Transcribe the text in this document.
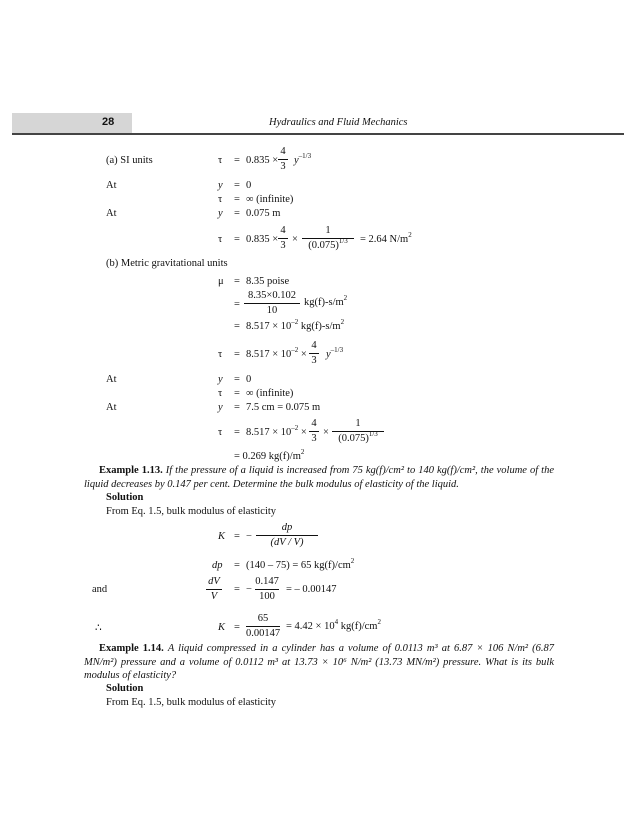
28	Hydraulics and Fluid Mechanics
(a) SI units	τ = 0.835 ×
4
3
$y^{-1/3}$
At	y = 0
τ = ∞ (infinite)
At	y = 0.075 m
τ = 0.835 ×
4
3
×
1
$(0.075)^{1/3}$	= 2.64 $N/m^2$
(b) Metric gravitational units
μ = 8.35 poise
=
8.35×0.102
10
$kg(f)-s/m^2$
= $8.517 \times 10^{-2}$ $kg(f)-s/m^2$
$\tau = 8.517 \times 10^{-2}$ ×
4
3
$y^{-1/3}$
At	y = 0
τ = ∞ (infinite)
At	y = 7.5 cm = 0.075 m
$\tau = 8.517 \times 10^{-2}$ ×
4
3
×
1
$(0.075)^{1/3}$
= 0.269 $kg(f)/m^2$
Example 1.13. If the pressure of a liquid is increased from 75 kg(f)/cm² to 140 kg(f)/cm², the volume of the liquid decreases by 0.147 per cent. Determine the bulk modulus of elasticity of the liquid.
Solution
From Eq. 1.5, bulk modulus of elasticity
K = −
dp
(dV / V)
dp = (140 – 75) = 65 $kg(f)/cm^2$
and
dV
V
= −
0.147
100
= – 0.00147
∴	K =
65
0.00147
= $4.42 \times 10^4$ $kg(f)/cm^2$
Example 1.14. A liquid compressed in a cylinder has a volume of 0.0113 m³ at 6.87 × 106 N/m² (6.87 MN/m²) pressure and a volume of 0.0112 m³ at 13.73 × 10⁶ N/m² (13.73 MN/m²) pressure. What is its bulk modulus of elasticity?
Solution
From Eq. 1.5, bulk modulus of elasticity
